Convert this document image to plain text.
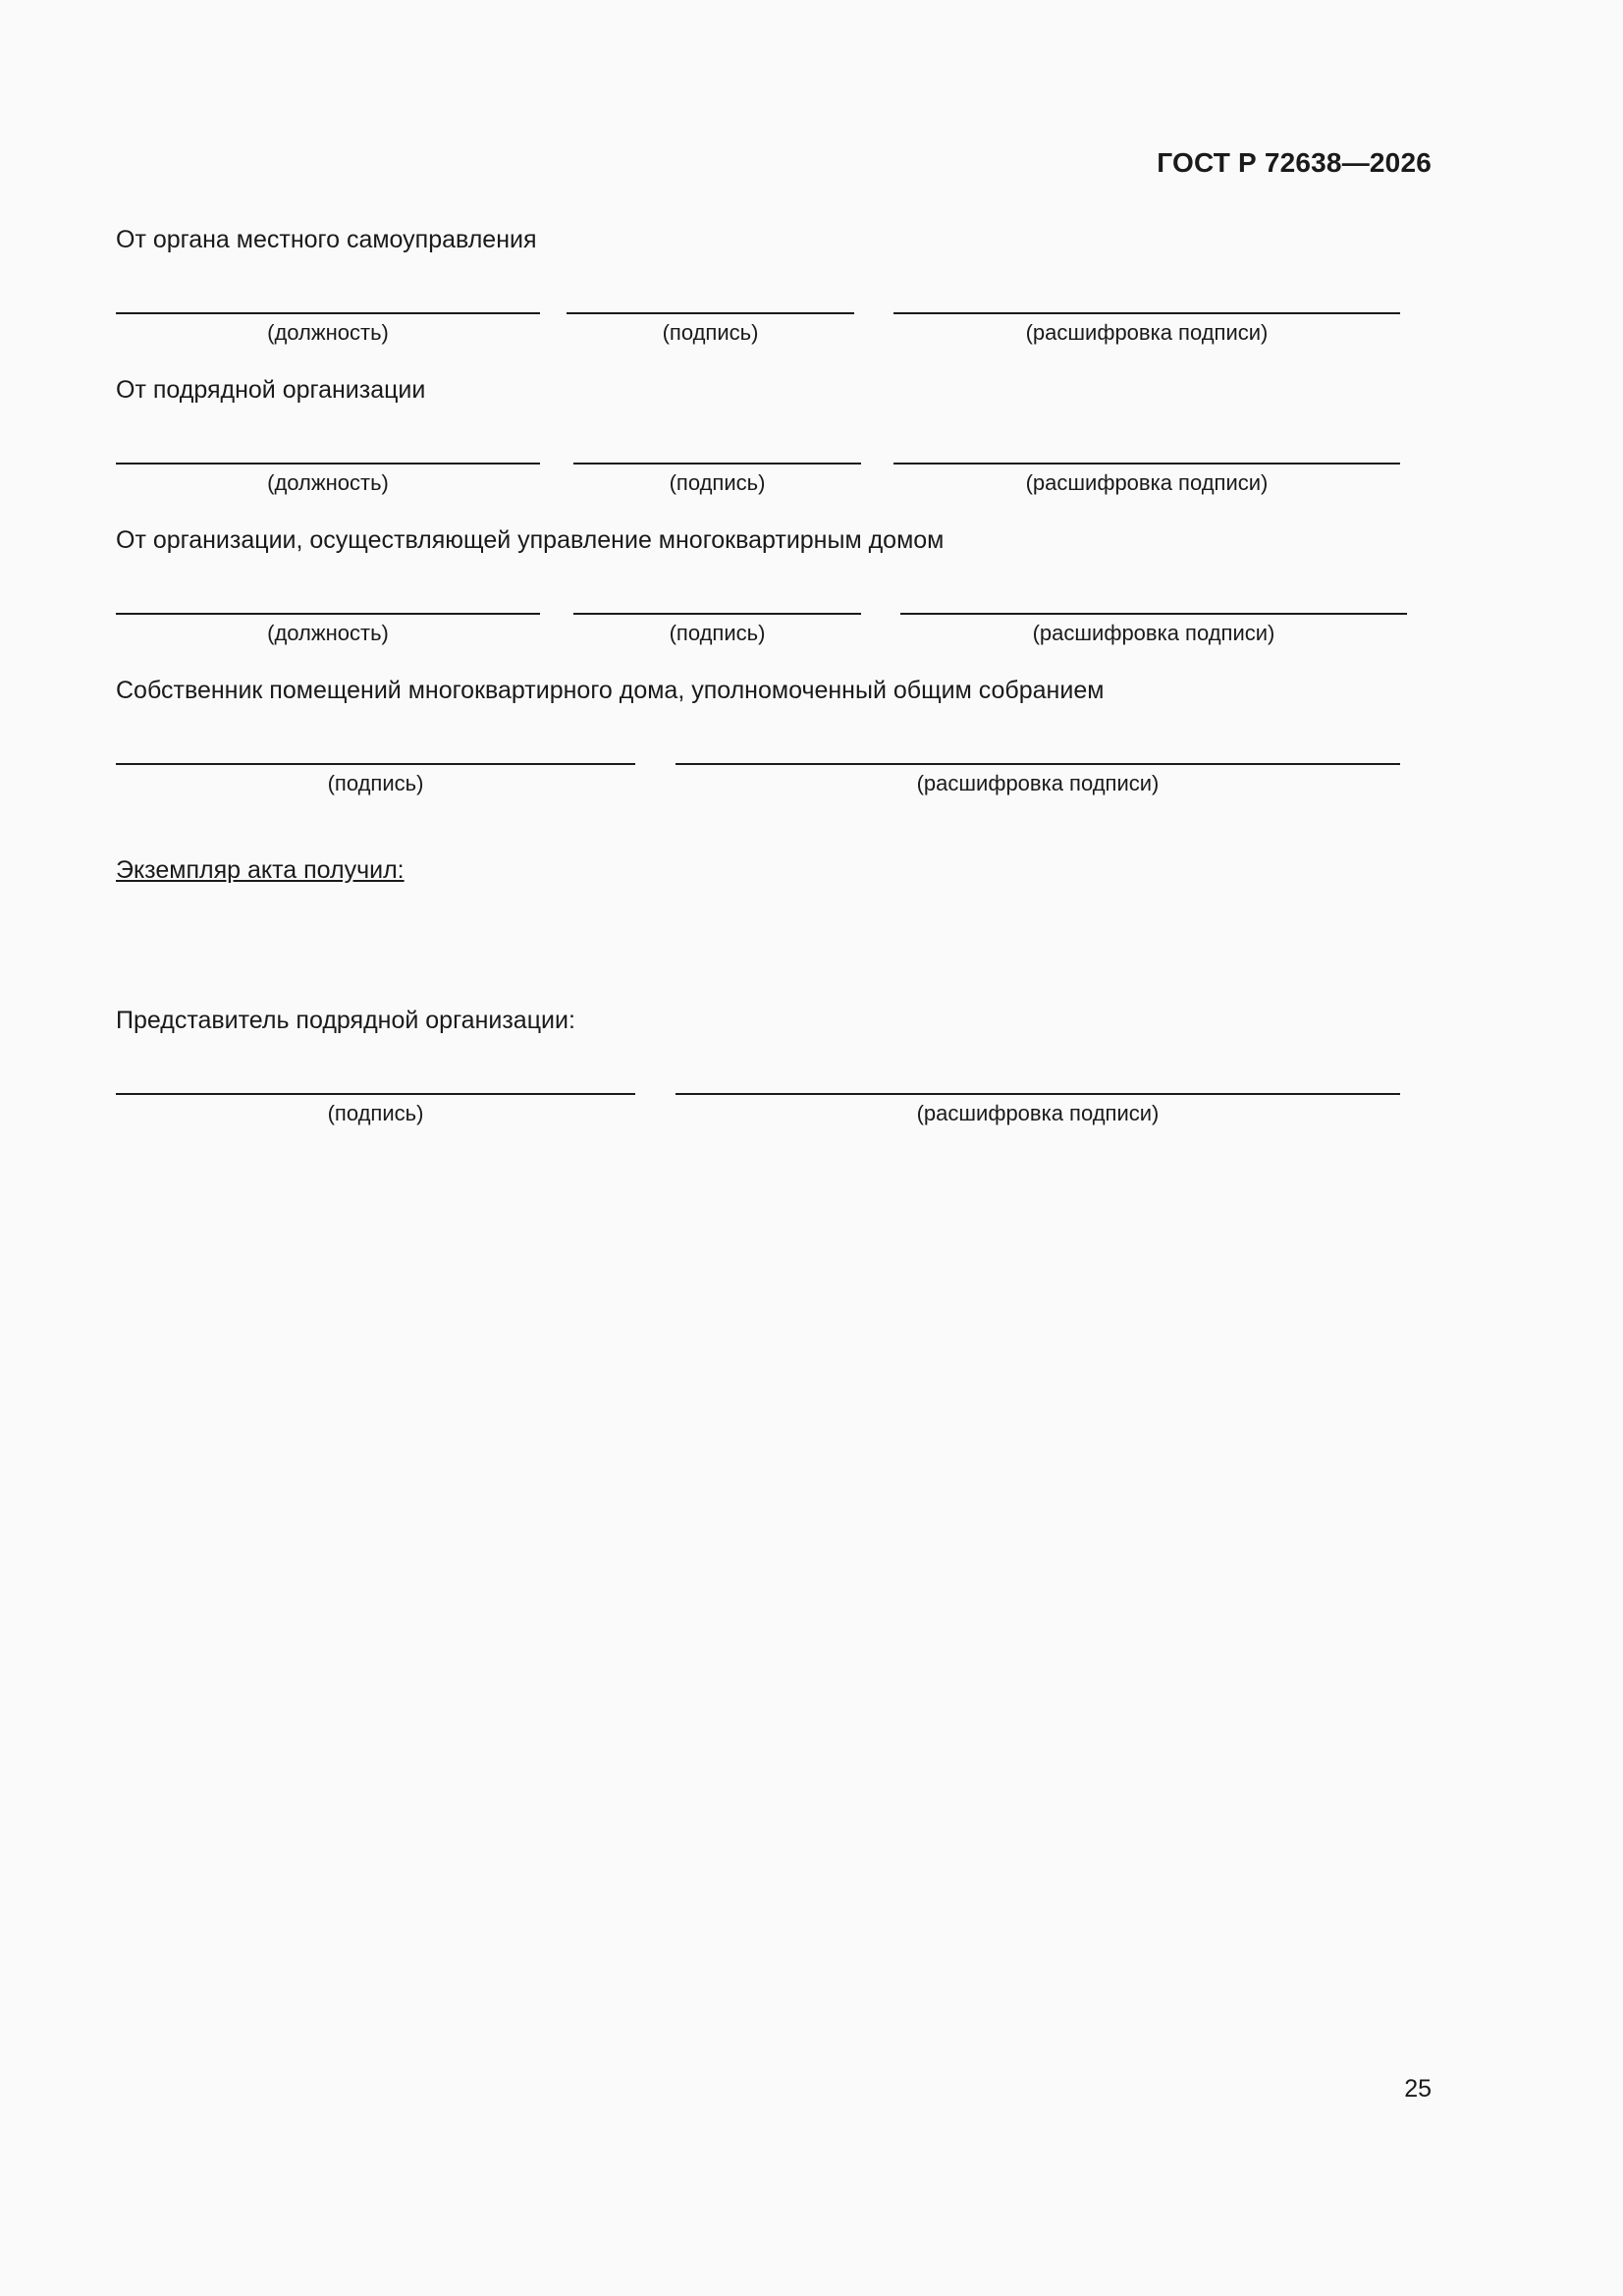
ГОСТ Р 72638—2026
От органа местного самоуправления
(должность)	(подпись)	(расшифровка подписи)
От подрядной организации
(должность)	(подпись)	(расшифровка подписи)
От организации, осуществляющей управление многоквартирным домом
(должность)	(подпись)	(расшифровка подписи)
Собственник помещений многоквартирного дома, уполномоченный общим собранием
(подпись)	(расшифровка подписи)
Экземпляр акта получил:
Представитель подрядной организации:
(подпись)	(расшифровка подписи)
25
